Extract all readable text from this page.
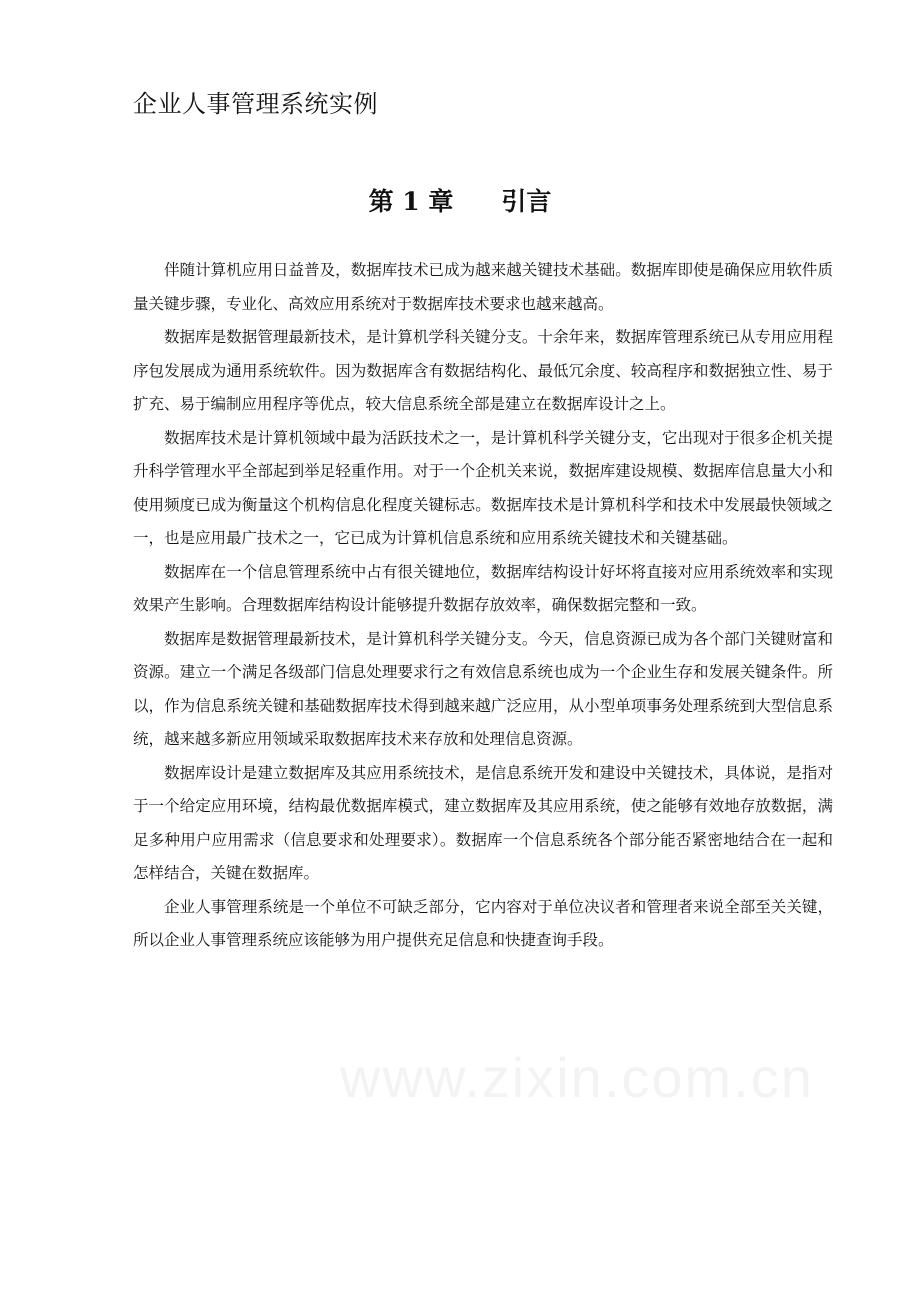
企业人事管理系统实例
第 1 章 引言

伴随计算机应用日益普及，数据库技术已成为越来越关键技术基础。数据库即使是确保应用软件质量关键步骤，专业化、高效应用系统对于数据库技术要求也越来越高。

数据库是数据管理最新技术，是计算机学科关键分支。十余年来，数据库管理系统已从专用应用程序包发展成为通用系统软件。因为数据库含有数据结构化、最低冗余度、较高程序和数据独立性、易于扩充、易于编制应用程序等优点，较大信息系统全部是建立在数据库设计之上。

数据库技术是计算机领域中最为活跃技术之一，是计算机科学关键分支，它出现对于很多企机关提升科学管理水平全部起到举足轻重作用。对于一个企机关来说，数据库建设规模、数据库信息量大小和使用频度已成为衡量这个机构信息化程度关键标志。数据库技术是计算机科学和技术中发展最快领域之一，也是应用最广技术之一，它已成为计算机信息系统和应用系统关键技术和关键基础。

数据库在一个信息管理系统中占有很关键地位，数据库结构设计好坏将直接对应用系统效率和实现效果产生影响。合理数据库结构设计能够提升数据存放效率，确保数据完整和一致。

数据库是数据管理最新技术，是计算机科学关键分支。今天，信息资源已成为各个部门关键财富和资源。建立一个满足各级部门信息处理要求行之有效信息系统也成为一个企业生存和发展关键条件。所以，作为信息系统关键和基础数据库技术得到越来越广泛应用，从小型单项事务处理系统到大型信息系统，越来越多新应用领域采取数据库技术来存放和处理信息资源。

数据库设计是建立数据库及其应用系统技术，是信息系统开发和建设中关键技术，具体说，是指对于一个给定应用环境，结构最优数据库模式，建立数据库及其应用系统，使之能够有效地存放数据，满足多种用户应用需求（信息要求和处理要求）。数据库一个信息系统各个部分能否紧密地结合在一起和怎样结合，关键在数据库。

企业人事管理系统是一个单位不可缺乏部分，它内容对于单位决议者和管理者来说全部至关关键，所以企业人事管理系统应该能够为用户提供充足信息和快捷查询手段。

www.zixin.com.cn
